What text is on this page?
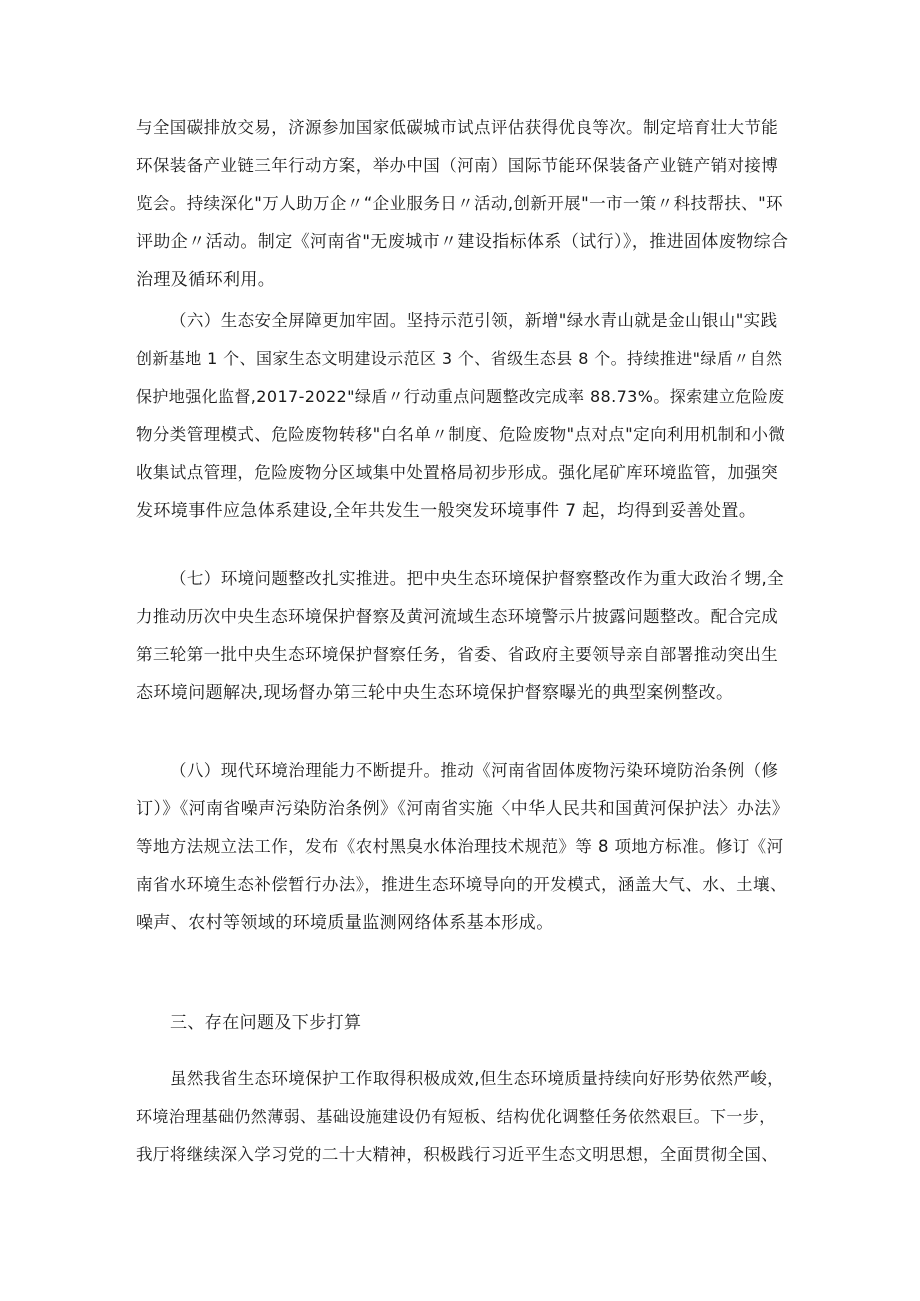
与全国碳排放交易，济源参加国家低碳城市试点评估获得优良等次。制定培育壮大节能
环保装备产业链三年行动方案，举办中国（河南）国际节能环保装备产业链产销对接博
览会。持续深化"万人助万企〃“企业服务日〃活动,创新开展"一市一策〃科技帮扶、"环
评助企〃活动。制定《河南省"无废城市〃建设指标体系（试行）》，推进固体废物综合
治理及循环利用。
（六）生态安全屏障更加牢固。坚持示范引领，新增"绿水青山就是金山银山"实践
创新基地 1 个、国家生态文明建设示范区 3 个、省级生态县 8 个。持续推进"绿盾〃自然
保护地强化监督,2017-2022"绿盾〃行动重点问题整改完成率 88.73%。探索建立危险废
物分类管理模式、危险废物转移"白名单〃制度、危险废物"点对点"定向利用机制和小微
收集试点管理，危险废物分区域集中处置格局初步形成。强化尾矿库环境监管，加强突
发环境事件应急体系建设,全年共发生一般突发环境事件 7 起，均得到妥善处置。
（七）环境问题整改扎实推进。把中央生态环境保护督察整改作为重大政治彳甥,全
力推动历次中央生态环境保护督察及黄河流域生态环境警示片披露问题整改。配合完成
第三轮第一批中央生态环境保护督察任务，省委、省政府主要领导亲自部署推动突出生
态环境问题解决,现场督办第三轮中央生态环境保护督察曝光的典型案例整改。
（八）现代环境治理能力不断提升。推动《河南省固体废物污染环境防治条例（修
订）》《河南省噪声污染防治条例》《河南省实施〈中华人民共和国黄河保护法〉办法》
等地方法规立法工作，发布《农村黑臭水体治理技术规范》等 8 项地方标准。修订《河
南省水环境生态补偿暂行办法》，推进生态环境导向的开发模式，涵盖大气、水、土壤、
噪声、农村等领域的环境质量监测网络体系基本形成。
三、存在问题及下步打算
虽然我省生态环境保护工作取得积极成效,但生态环境质量持续向好形势依然严峻，
环境治理基础仍然薄弱、基础设施建设仍有短板、结构优化调整任务依然艰巨。下一步，
我厅将继续深入学习党的二十大精神，积极践行习近平生态文明思想，全面贯彻全国、
